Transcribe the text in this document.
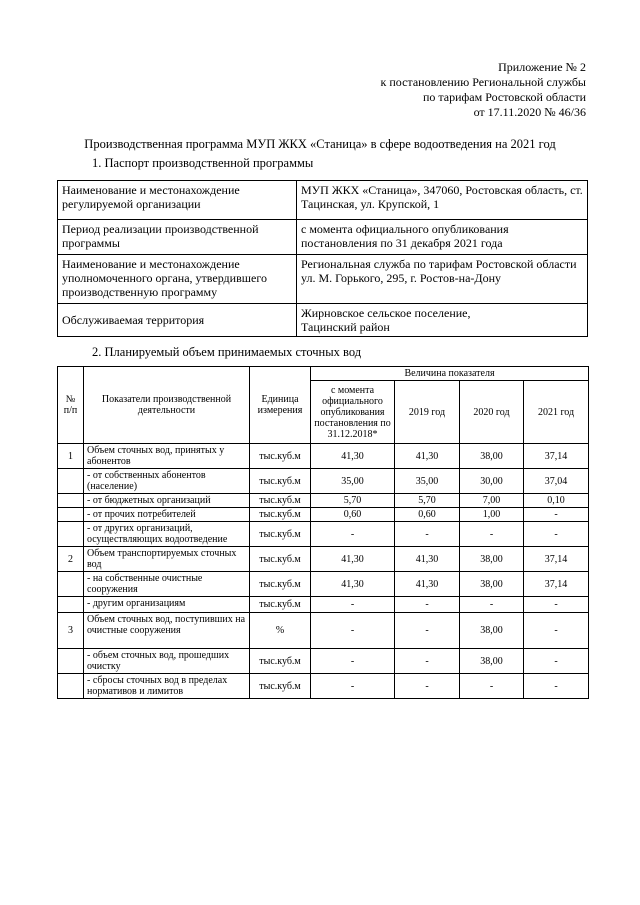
Приложение № 2
к постановлению Региональной службы
по тарифам Ростовской области
от 17.11.2020 № 46/36
Производственная программа МУП ЖКХ «Станица» в сфере водоотведения на 2021 год
1. Паспорт производственной программы
Наименование и местонахождение регулируемой организации	МУП ЖКХ «Станица», 347060, Ростовская область, ст. Тацинская, ул. Крупской, 1
Период реализации производственной программы	с момента официального опубликования постановления по 31 декабря 2021 года
Наименование и местонахождение уполномоченного органа, утвердившего производственную программу	Региональная служба по тарифам Ростовской области
ул. М. Горького, 295, г. Ростов-на-Дону
Обслуживаемая территория	Жирновское сельское поселение,
Тацинский район
2. Планируемый объем принимаемых сточных вод
№ п/п	Показатели производственной деятельности	Единица измерения	Величина показателя			
			с момента официального опубликования постановления по 31.12.2018*	2019 год	2020 год	2021 год
1	Объем сточных вод, принятых у абонентов	тыс.куб.м	41,30	41,30	38,00	37,14
	- от собственных абонентов (население)	тыс.куб.м	35,00	35,00	30,00	37,04
	- от бюджетных организаций	тыс.куб.м	5,70	5,70	7,00	0,10
	- от прочих потребителей	тыс.куб.м	0,60	0,60	1,00	-
	- от других организаций, осуществляющих водоотведение	тыс.куб.м	-	-	-	-
2	Объем транспортируемых сточных вод	тыс.куб.м	41,30	41,30	38,00	37,14
	- на собственные очистные сооружения	тыс.куб.м	41,30	41,30	38,00	37,14
	- другим организациям	тыс.куб.м	-	-	-	-
3	Объем сточных вод, поступивших на очистные сооружения	%	-	-	38,00	-
	- объем сточных вод, прошедших очистку	тыс.куб.м	-	-	38,00	-
	- сбросы сточных вод в пределах нормативов и лимитов	тыс.куб.м	-	-	-	-
